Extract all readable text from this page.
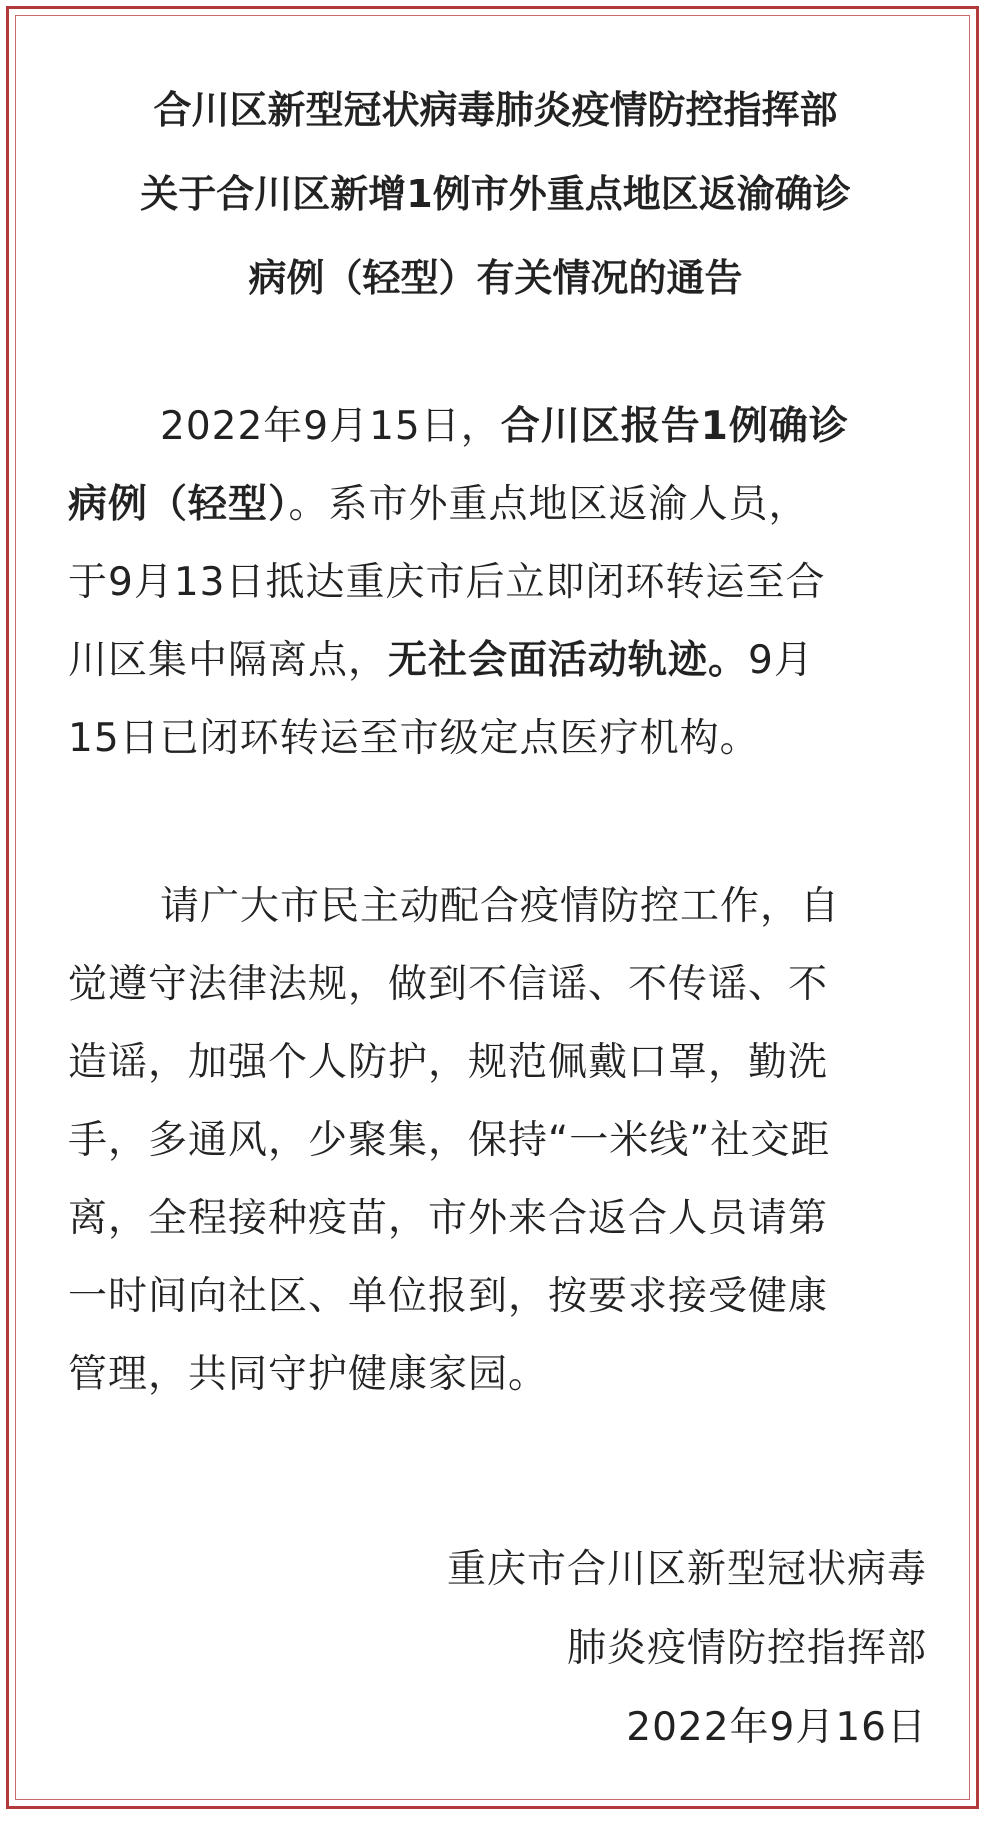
合川区新型冠状病毒肺炎疫情防控指挥部
关于合川区新增1例市外重点地区返渝确诊
病例（轻型）有关情况的通告
2022年9月15日，合川区报告1例确诊
病例（轻型）。系市外重点地区返渝人员，
于9月13日抵达重庆市后立即闭环转运至合
川区集中隔离点，无社会面活动轨迹。9月
15日已闭环转运至市级定点医疗机构。
请广大市民主动配合疫情防控工作，自
觉遵守法律法规，做到不信谣、不传谣、不
造谣，加强个人防护，规范佩戴口罩，勤洗
手，多通风，少聚集，保持“一米线”社交距
离，全程接种疫苗，市外来合返合人员请第
一时间向社区、单位报到，按要求接受健康
管理，共同守护健康家园。
重庆市合川区新型冠状病毒
肺炎疫情防控指挥部
2022年9月16日
